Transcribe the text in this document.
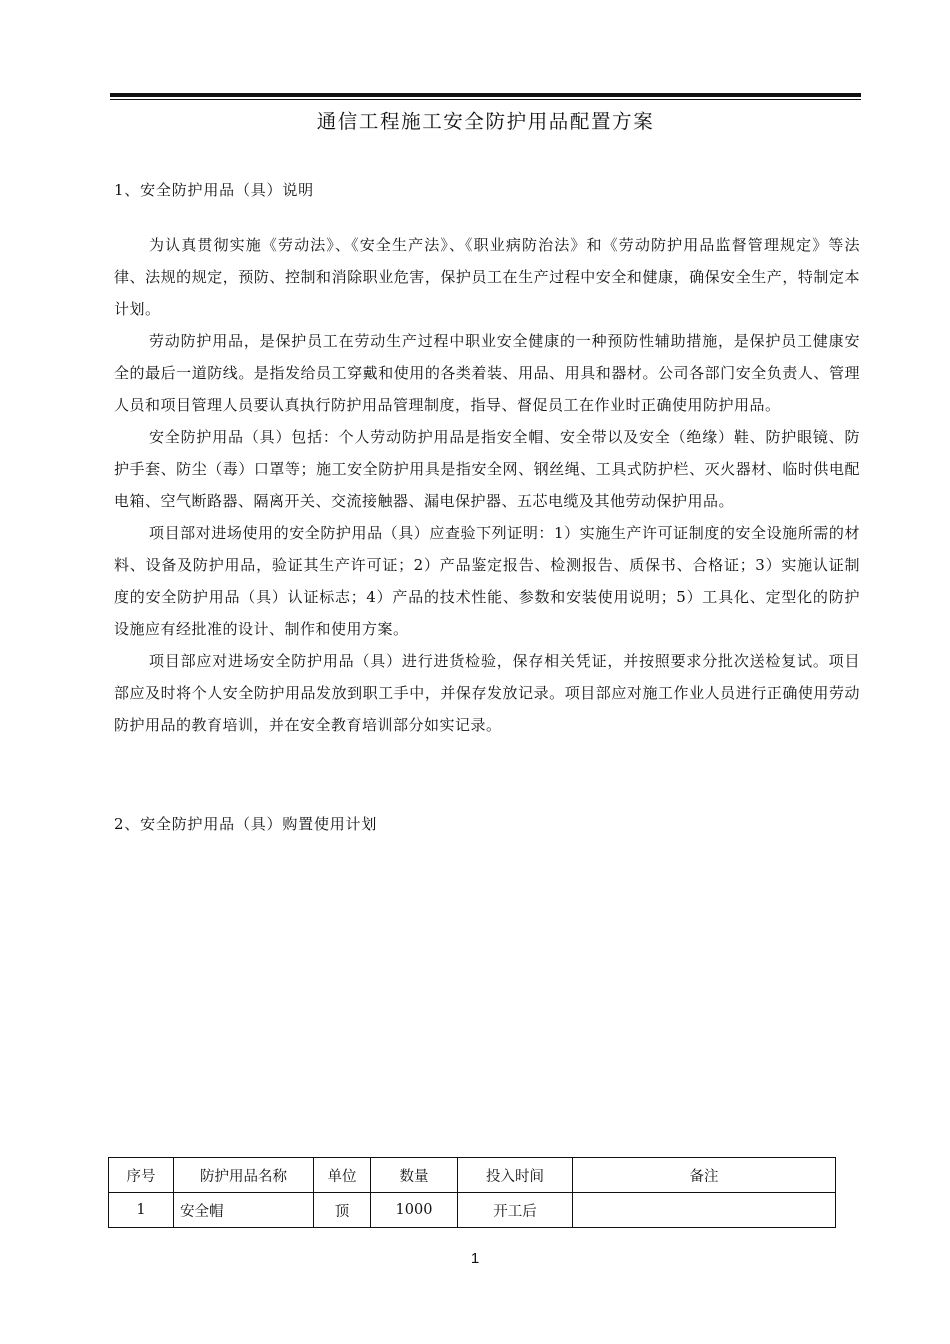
通信工程施工安全防护用品配置方案
1、安全防护用品（具）说明

为认真贯彻实施《劳动法》、《安全生产法》、《职业病防治法》和《劳动防护用品监督管理规定》等法律、法规的规定，预防、控制和消除职业危害，保护员工在生产过程中安全和健康，确保安全生产，特制定本计划。

劳动防护用品，是保护员工在劳动生产过程中职业安全健康的一种预防性辅助措施，是保护员工健康安全的最后一道防线。是指发给员工穿戴和使用的各类着装、用品、用具和器材。公司各部门安全负责人、管理人员和项目管理人员要认真执行防护用品管理制度，指导、督促员工在作业时正确使用防护用品。

安全防护用品（具）包括：个人劳动防护用品是指安全帽、安全带以及安全（绝缘）鞋、防护眼镜、防护手套、防尘（毒）口罩等；施工安全防护用具是指安全网、钢丝绳、工具式防护栏、灭火器材、临时供电配电箱、空气断路器、隔离开关、交流接触器、漏电保护器、五芯电缆及其他劳动保护用品。

项目部对进场使用的安全防护用品（具）应查验下列证明：1）实施生产许可证制度的安全设施所需的材料、设备及防护用品，验证其生产许可证；2）产品鉴定报告、检测报告、质保书、合格证；3）实施认证制度的安全防护用品（具）认证标志；4）产品的技术性能、参数和安装使用说明；5）工具化、定型化的防护设施应有经批准的设计、制作和使用方案。

项目部应对进场安全防护用品（具）进行进货检验，保存相关凭证，并按照要求分批次送检复试。项目部应及时将个人安全防护用品发放到职工手中，并保存发放记录。项目部应对施工作业人员进行正确使用劳动防护用品的教育培训，并在安全教育培训部分如实记录。

2、安全防护用品（具）购置使用计划
序号	防护用品名称	单位	数量	投入时间	备注
1	安全帽	顶	1000	开工后	
1
